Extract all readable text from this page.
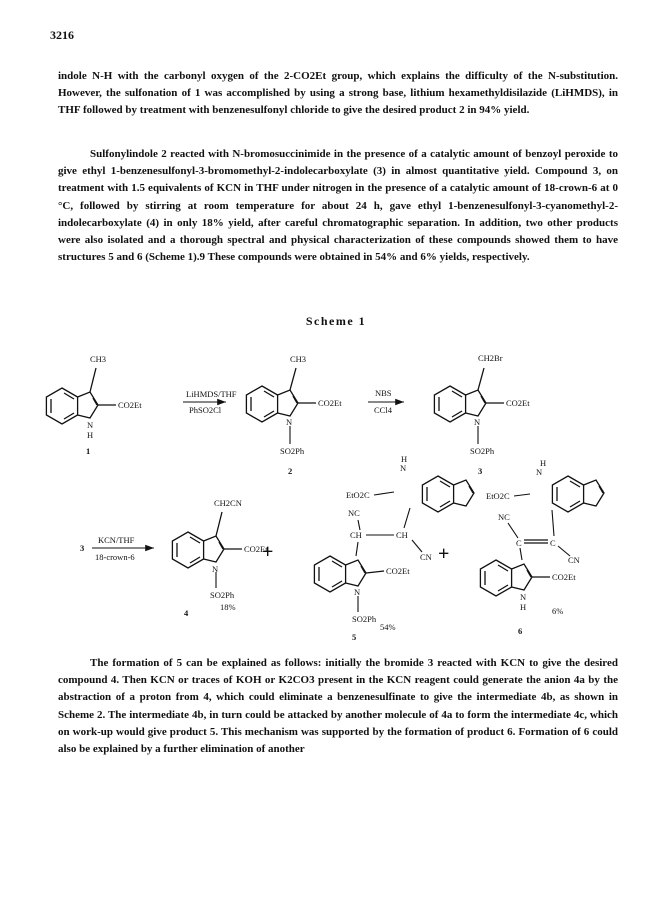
3216
indole N-H with the carbonyl oxygen of the 2-CO2Et group, which explains the difficulty of the N-substitution. However, the sulfonation of 1 was accomplished by using a strong base, lithium hexamethyldisilazide (LiHMDS), in THF followed by treatment with benzenesulfonyl chloride to give the desired product 2 in 94% yield.
Sulfonylindole 2 reacted with N-bromosuccinimide in the presence of a catalytic amount of benzoyl peroxide to give ethyl 1-benzenesulfonyl-3-bromomethyl-2-indolecarboxylate (3) in almost quantitative yield. Compound 3, on treatment with 1.5 equivalents of KCN in THF under nitrogen in the presence of a catalytic amount of 18-crown-6 at 0 °C, followed by stirring at room temperature for about 24 h, gave ethyl 1-benzenesulfonyl-3-cyanomethyl-2-indolecarboxylate (4) in only 18% yield, after careful chromatographic separation. In addition, two other products were also isolated and a thorough spectral and physical characterization of these compounds showed them to have structures 5 and 6 (Scheme 1).9 These compounds were obtained in 54% and 6% yields, respectively.
Scheme 1
CH3
CO2Et
N
H
1
LiHMDS/THF
PhSO2Cl
CH3
CO2Et
N
SO2Ph
2
NBS
CCl4
CH2Br
CO2Et
N
SO2Ph
3
3
KCN/THF
18-crown-6
CH2CN
CO2Et
N
SO2Ph
18%
4
+
N
H
EtO2C
NC
CH	CH
CN
CO2Et
N
SO2Ph
54%
5
+
N
H
EtO2C
NC
C	C
CN
CO2Et
N
H	6%
6
The formation of 5 can be explained as follows: initially the bromide 3 reacted with KCN to give the desired compound 4. Then KCN or traces of KOH or K2CO3 present in the KCN reagent could generate the anion 4a by the abstraction of a proton from 4, which could eliminate a benzenesulfinate to give the intermediate 4b, as shown in Scheme 2. The intermediate 4b, in turn could be attacked by another molecule of 4a to form the intermediate 4c, which on work-up would give product 5. This mechanism was supported by the formation of product 6. Formation of 6 could also be explained by a further elimination of another
